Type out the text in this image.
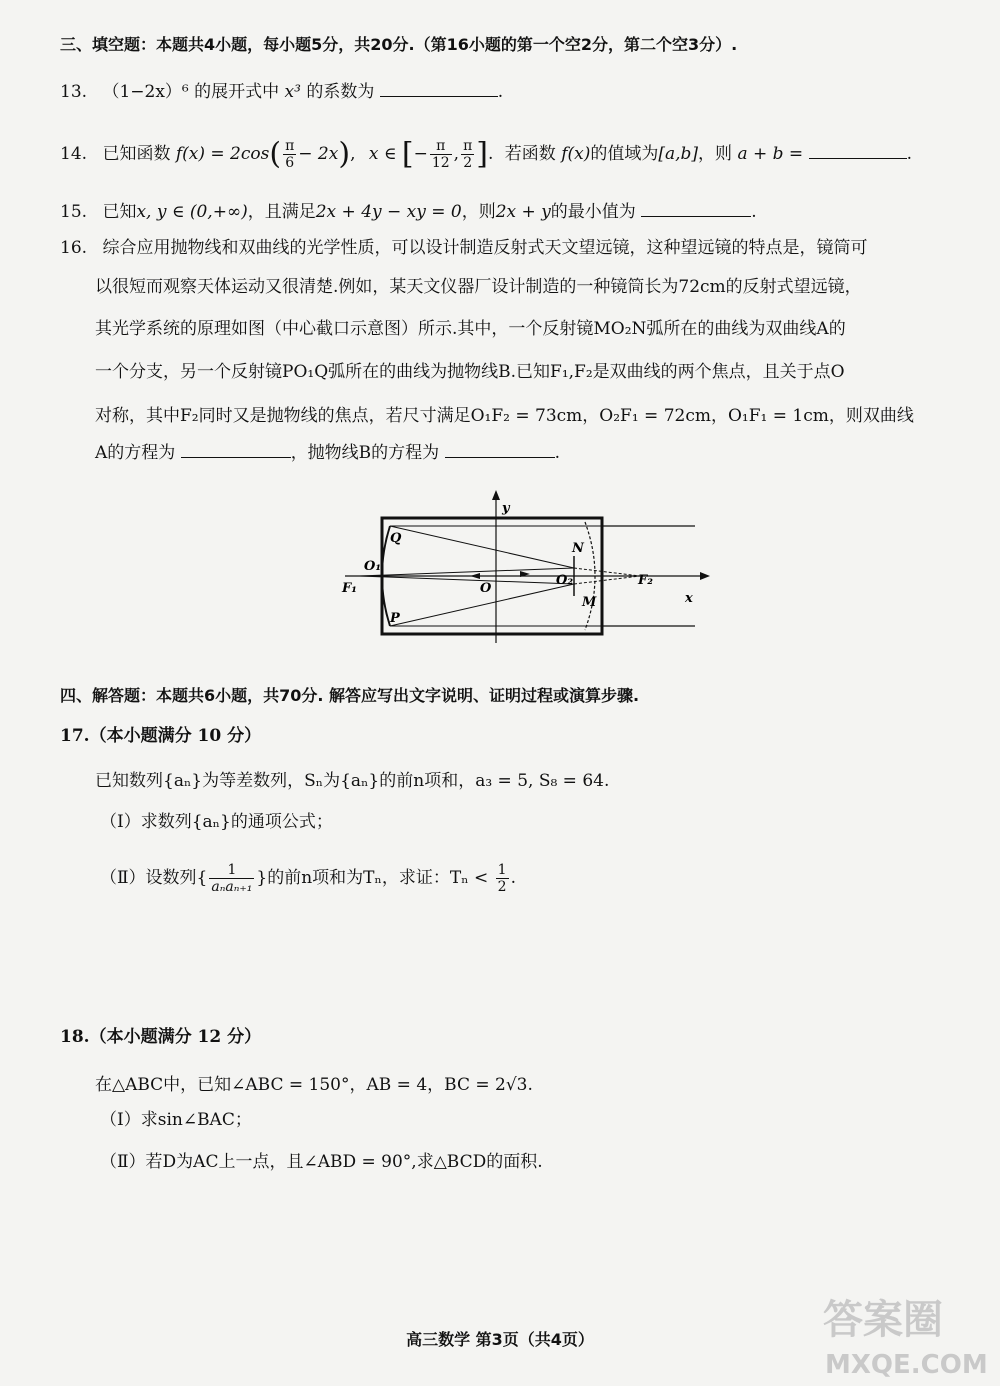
三、填空题：本题共4小题，每小题5分，共20分.（第16小题的第一个空2分，第二个空3分）.
13. （1−2x）⁶ 的展开式中 x³ 的系数为	.
14. 已知函数 $f(x) = 2\cos( \frac{\pi}{6} - 2x)$, x ∈ [− $\frac{\pi}{12}$ , $\frac{\pi}{2}$ ]. 若函数 f(x)的值域为[a,b]，则 a + b =	.
15. 已知x, y ∈ (0,+∞)，且满足2x + 4y − xy = 0，则2x + y的最小值为	.
16. 综合应用抛物线和双曲线的光学性质，可以设计制造反射式天文望远镜，这种望远镜的特点是，镜筒可
以很短而观察天体运动又很清楚.例如，某天文仪器厂设计制造的一种镜筒长为72cm的反射式望远镜，
其光学系统的原理如图（中心截口示意图）所示.其中，一个反射镜MO₂N弧所在的曲线为双曲线A的
一个分支，另一个反射镜PO₁Q弧所在的曲线为抛物线B.已知F₁,F₂是双曲线的两个焦点，且关于点O
对称，其中F₂同时又是抛物线的焦点，若尺寸满足O₁F₂ = 73cm，O₂F₁ = 72cm，O₁F₁ = 1cm，则双曲线
A的方程为	，抛物线B的方程为	.
y
x
Q
P
O₁
O
O₂
N
M
F₁
F₂
四、解答题：本题共6小题，共70分. 解答应写出文字说明、证明过程或演算步骤.
17.（本小题满分 10 分）
已知数列{aₙ}为等差数列，Sₙ为{aₙ}的前n项和，a₃ = 5, S₈ = 64.
（Ⅰ）求数列{aₙ}的通项公式；
（Ⅱ）设数列{ $\frac{1}{\text{aₙaₙ₊₁}}$ }的前n项和为Tₙ，求证：$T_n < \frac{1}{2}$ .
18.（本小题满分 12 分）
在△ABC中，已知∠ABC = 150°，AB = 4，BC = 2√3.
（Ⅰ）求sin∠BAC；
（Ⅱ）若D为AC上一点，且∠ABD = 90°,求△BCD的面积.
高三数学 第3页（共4页）	答案圈
MXQE.COM
